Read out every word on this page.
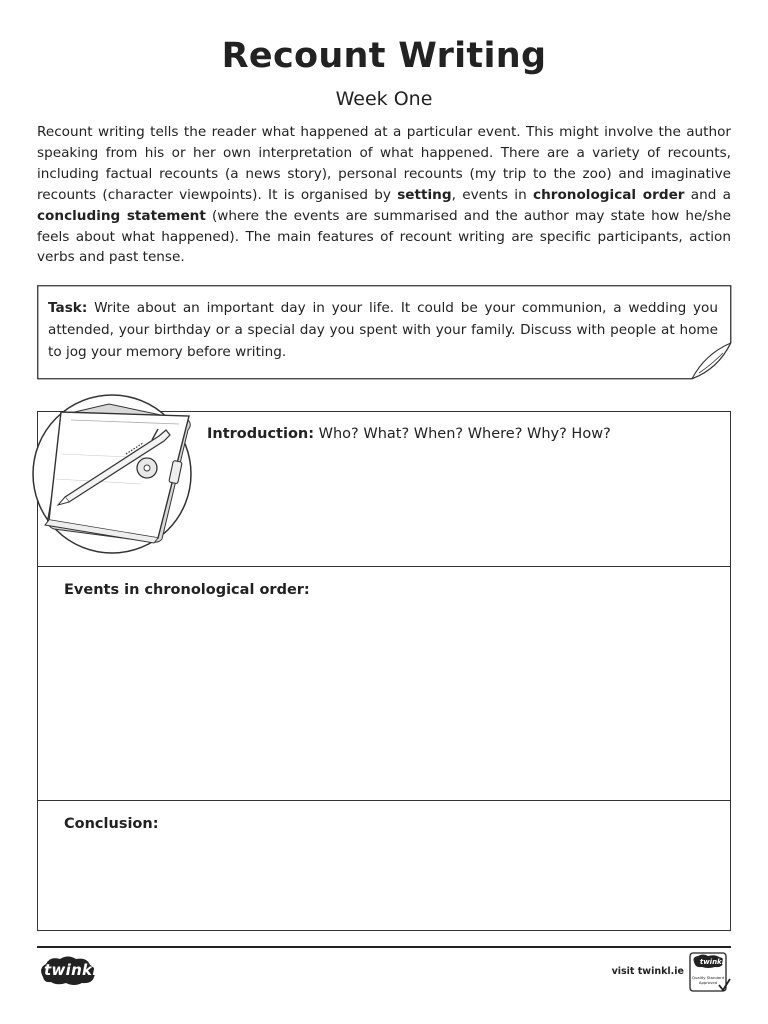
Recount Writing
Week One

Recount writing tells the reader what happened at a particular event. This might involve the author speaking from his or her own interpretation of what happened. There are a variety of recounts, including factual recounts (a news story), personal recounts (my trip to the zoo) and imaginative recounts (character viewpoints). It is organised by setting, events in chronological order and a concluding statement (where the events are summarised and the author may state how he/she feels about what happened). The main features of recount writing are specific participants, action verbs and past tense.

Task: Write about an important day in your life. It could be your communion, a wedding you attended, your birthday or a special day you spent with your family. Discuss with people at home to jog your memory before writing.

Introduction: Who? What? When? Where? Why? How?

Events in chronological order:

Conclusion:

twinkl	visit twinkl.ie
twinkl
Quality Standard Approved
